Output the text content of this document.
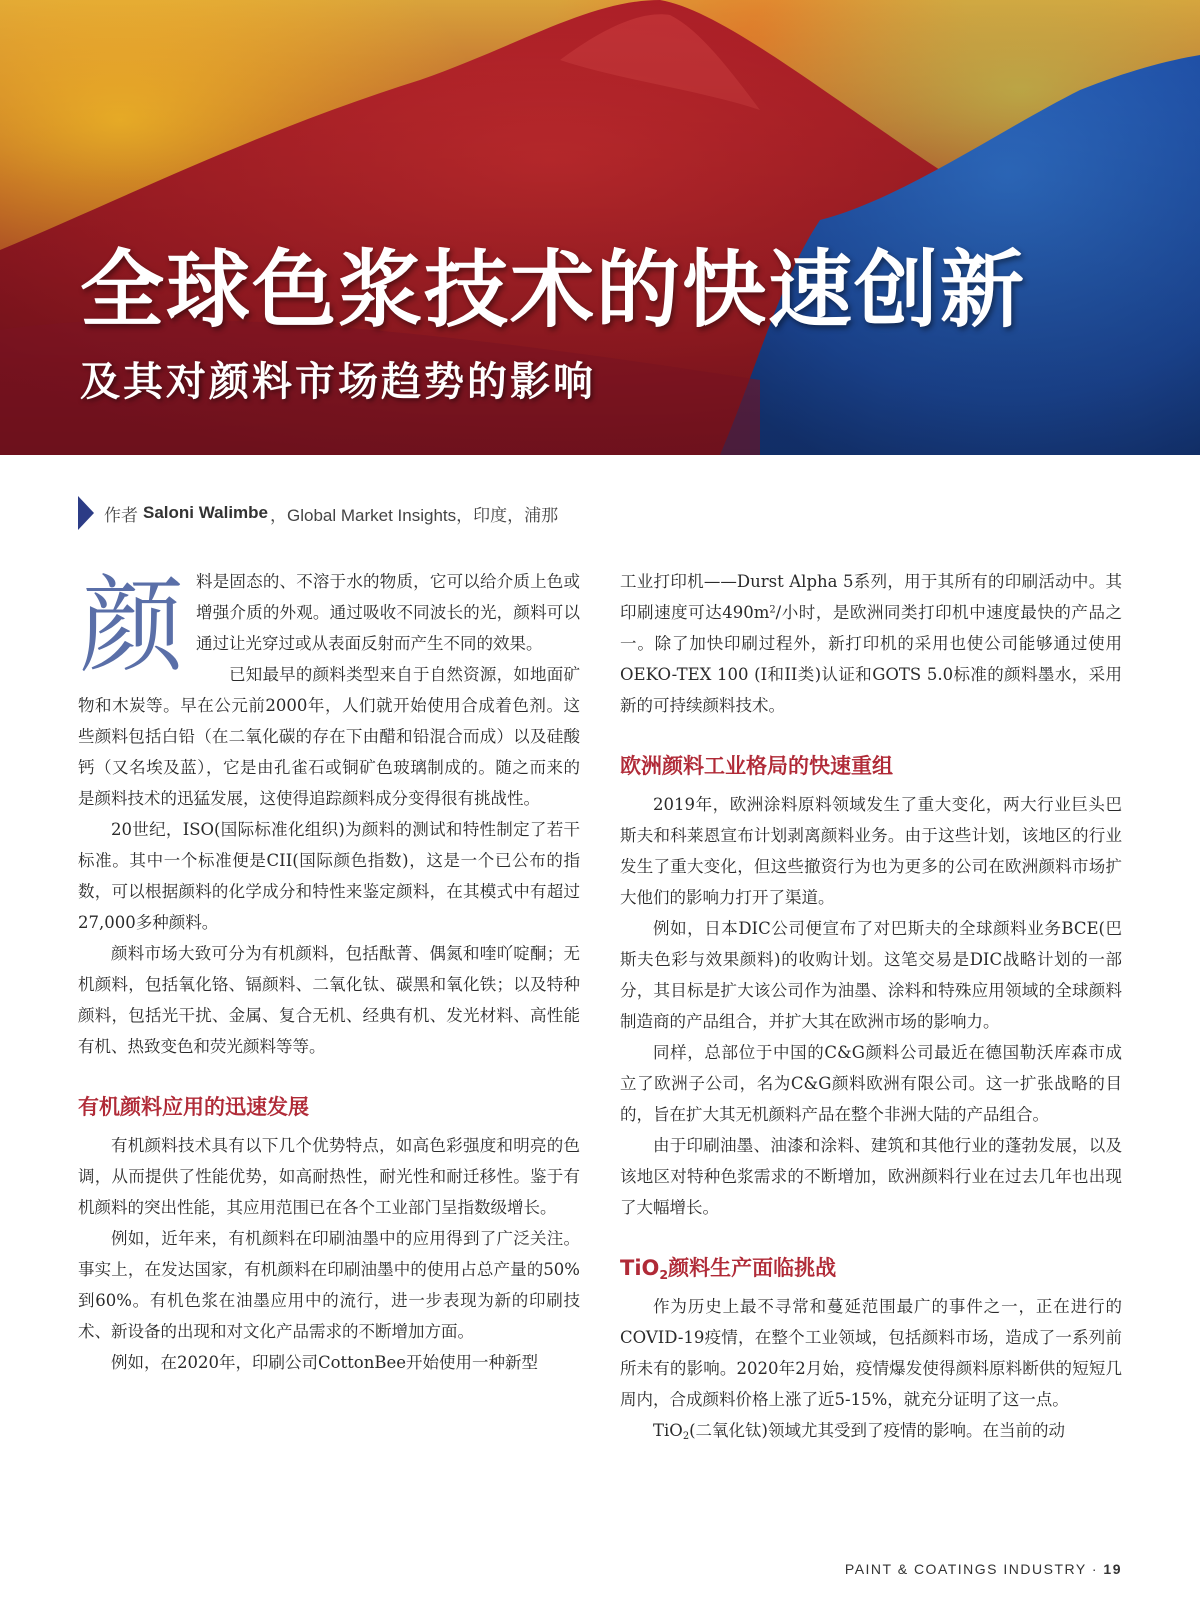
全球色浆技术的快速创新
及其对颜料市场趋势的影响
作者 Saloni Walimbe ，Global Market Insights，印度，浦那
颜 料是固态的、不溶于水的物质，它可以给介质上色或增强介质的外观。通过吸收不同波长的光，颜料可以通过让光穿过或从表面反射而产生不同的效果。

已知最早的颜料类型来自于自然资源，如地面矿物和木炭等。早在公元前2000年，人们就开始使用合成着色剂。这些颜料包括白铅（在二氧化碳的存在下由醋和铅混合而成）以及硅酸钙（又名埃及蓝），它是由孔雀石或铜矿色玻璃制成的。随之而来的是颜料技术的迅猛发展，这使得追踪颜料成分变得很有挑战性。

20世纪，ISO(国际标准化组织)为颜料的测试和特性制定了若干标准。其中一个标准便是CII(国际颜色指数)，这是一个已公布的指数，可以根据颜料的化学成分和特性来鉴定颜料，在其模式中有超过27,000多种颜料。

颜料市场大致可分为有机颜料，包括酞菁、偶氮和喹吖啶酮；无机颜料，包括氧化铬、镉颜料、二氧化钛、碳黑和氧化铁；以及特种颜料，包括光干扰、金属、复合无机、经典有机、发光材料、高性能有机、热致变色和荧光颜料等等。

有机颜料应用的迅速发展

有机颜料技术具有以下几个优势特点，如高色彩强度和明亮的色调，从而提供了性能优势，如高耐热性，耐光性和耐迁移性。鉴于有机颜料的突出性能，其应用范围已在各个工业部门呈指数级增长。

例如，近年来，有机颜料在印刷油墨中的应用得到了广泛关注。事实上，在发达国家，有机颜料在印刷油墨中的使用占总产量的50%到60%。有机色浆在油墨应用中的流行，进一步表现为新的印刷技术、新设备的出现和对文化产品需求的不断增加方面。

例如，在2020年，印刷公司CottonBee开始使用一种新型

工业打印机——Durst Alpha 5系列，用于其所有的印刷活动中。其印刷速度可达$490m^2/$小时，是欧洲同类打印机中速度最快的产品之一。除了加快印刷过程外，新打印机的采用也使公司能够通过使用OEKO-TEX 100 (I和II类)认证和GOTS 5.0标准的颜料墨水，采用新的可持续颜料技术。

欧洲颜料工业格局的快速重组

2019年，欧洲涂料原料领域发生了重大变化，两大行业巨头巴斯夫和科莱恩宣布计划剥离颜料业务。由于这些计划，该地区的行业发生了重大变化，但这些撤资行为也为更多的公司在欧洲颜料市场扩大他们的影响力打开了渠道。

例如，日本DIC公司便宣布了对巴斯夫的全球颜料业务BCE(巴斯夫色彩与效果颜料)的收购计划。这笔交易是DIC战略计划的一部分，其目标是扩大该公司作为油墨、涂料和特殊应用领域的全球颜料制造商的产品组合，并扩大其在欧洲市场的影响力。

同样，总部位于中国的C&G颜料公司最近在德国勒沃库森市成立了欧洲子公司，名为C&G颜料欧洲有限公司。这一扩张战略的目的，旨在扩大其无机颜料产品在整个非洲大陆的产品组合。

由于印刷油墨、油漆和涂料、建筑和其他行业的蓬勃发展，以及该地区对特种色浆需求的不断增加，欧洲颜料行业在过去几年也出现了大幅增长。

TiO$_2$颜料生产面临挑战

作为历史上最不寻常和蔓延范围最广的事件之一，正在进行的COVID-19疫情，在整个工业领域，包括颜料市场，造成了一系列前所未有的影响。2020年2月始，疫情爆发使得颜料原料断供的短短几周内，合成颜料价格上涨了近5-15%，就充分证明了这一点。

TiO$_2$(二氧化钛)领域尤其受到了疫情的影响。在当前的动

PAINT & COATINGS INDUSTRY · 19
